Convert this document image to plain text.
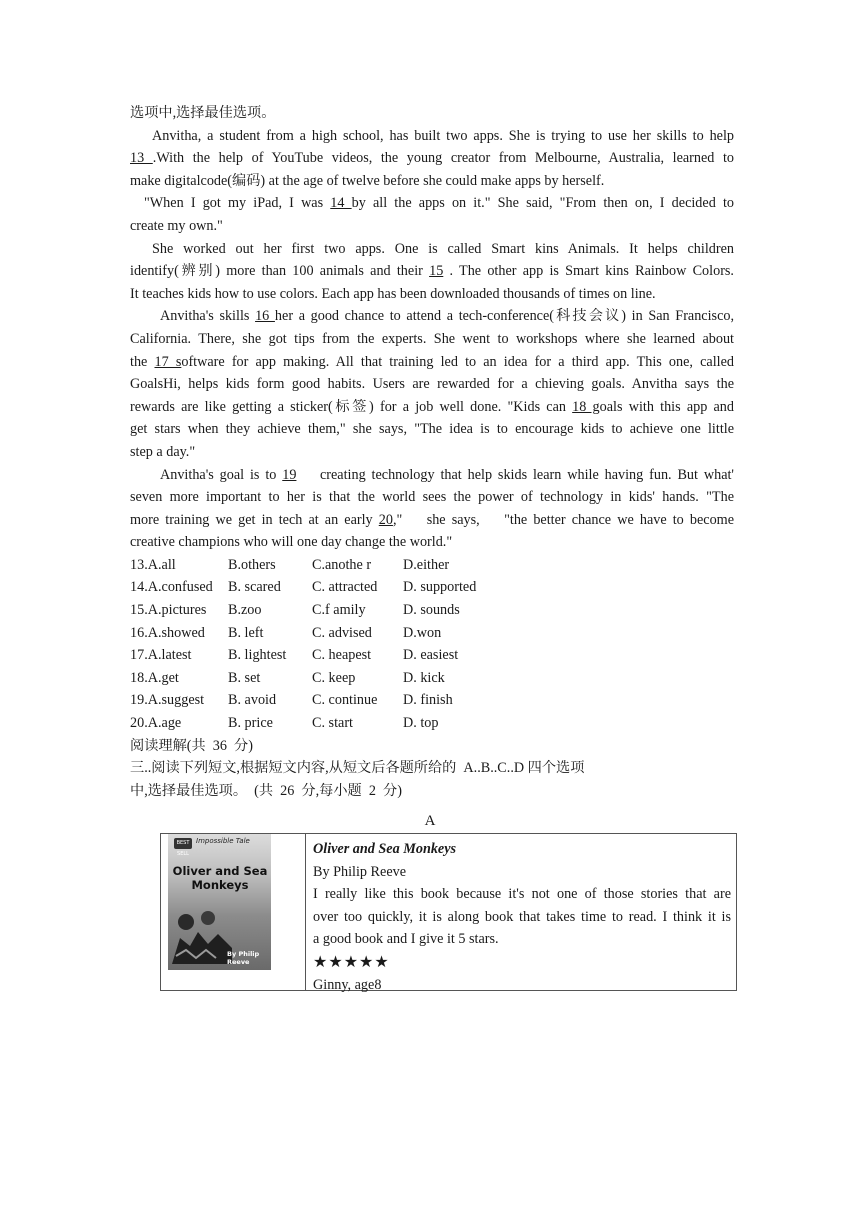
选项中,选择最佳选项。
Anvitha, a student from a high school, has built two apps. She is trying to use her skills to help
13 .With the help of YouTube videos, the young creator from Melbourne, Australia, learned to
make digitalcode(编码) at the age of twelve before she could make apps by herself.
"When I got my iPad, I was 14 by all the apps on it." She said, "From then on, I decided to
create my own."
She worked out her first two apps. One is called Smart kins Animals. It helps children
identify(辨别) more than 100 animals and their 15 . The other app is Smart kins Rainbow Colors.
It teaches kids how to use colors. Each app has been downloaded thousands of times on line.
Anvitha's skills 16 her a good chance to attend a tech-conference(科技会议) in San Francisco,
California. There, she got tips from the experts. She went to workshops where she learned about
the 17 software for app making. All that training led to an idea for a third app. This one, called
GoalsHi, helps kids form good habits. Users are rewarded for a chieving goals. Anvitha says the
rewards are like getting a sticker(标签) for a job well done. "Kids can 18 goals with this app and
get stars when they achieve them," she says, "The idea is to encourage kids to achieve one little
step a day."
Anvitha's goal is to 19    creating technology that help skids learn while having fun. But what'
seven more important to her is that the world sees the power of technology in kids' hands. "The
more training we get in tech at an early 20,"    she says,    "the better chance we have to become
creative champions who will one day change the world."
13.A.all	B.others	C.anothe r	D.either
14.A.confused	B. scared	C. attracted	D. supported
15.A.pictures	B.zoo	C.f amily	D. sounds
16.A.showed	B. left	C. advised	D.won
17.A.latest	B. lightest	C. heapest	D. easiest
18.A.get	B. set	C. keep	D. kick
19.A.suggest	B. avoid	C. continue	D. finish
20.A.age	B. price	C. start	D. top
阅读理解(共  36  分)
三..阅读下列短文,根据短文内容,从短文后各题所给的  A..B..C..D 四个选项
中,选择最佳选项。  (共  26  分,每小题  2  分)
A
BEST SELL
Impossible Tale
Oliver and Sea Monkeys
By Philip Reeve
Oliver and Sea Monkeys
By Philip Reeve
I really like this book because it's not one of those stories that are
over too quickly, it is along book that takes time to read. I think it is
a good book and I give it 5 stars.
★★★★★
Ginny, age8
